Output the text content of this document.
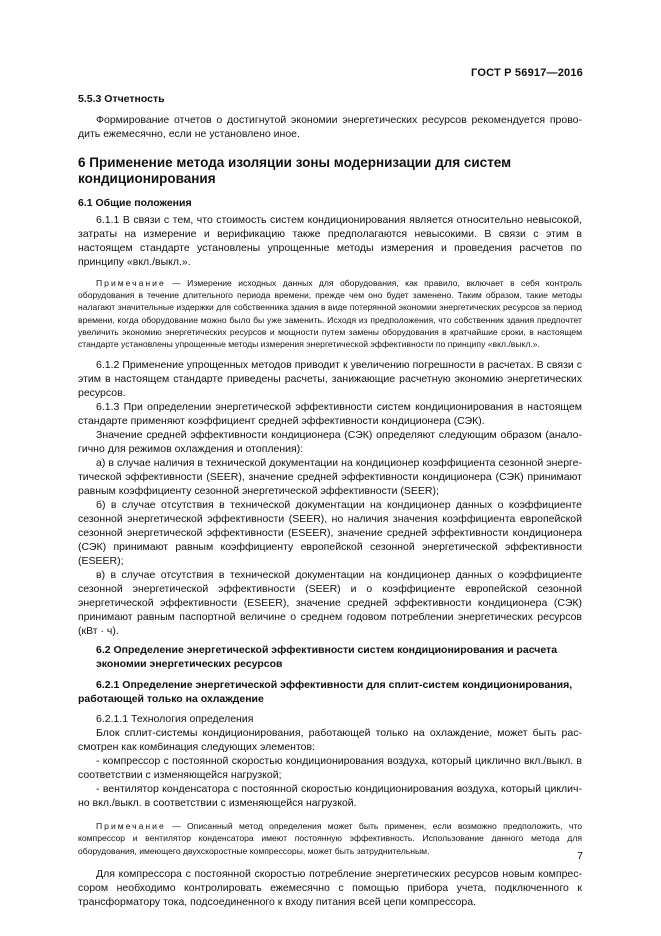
ГОСТ Р 56917—2016
5.5.3 Отчетность

Формирование отчетов о достигнутой экономии энергетических ресурсов рекомендуется проводить ежемесячно, если не установлено иное.

6 Применение метода изоляции зоны модернизации для систем кондиционирования
6.1 Общие положения

6.1.1 В связи с тем, что стоимость систем кондиционирования является относительно невысокой, затраты на измерение и верификацию также предполагаются невысокими. В связи с этим в настоящем стандарте установлены упрощенные методы измерения и проведения расчетов по принципу «вкл./выкл.».

Примечание — Измерение исходных данных для оборудования, как правило, включает в себя контроль оборудования в течение длительного периода времени, прежде чем оно будет заменено. Таким образом, такие методы налагают значительные издержки для собственника здания в виде потерянной экономии энергетических ресурсов за период времени, когда оборудование можно было бы уже заменить. Исходя из предположения, что собственник здания предпочтет увеличить экономию энергетических ресурсов и мощности путем замены оборудования в кратчайшие сроки, в настоящем стандарте установлены упрощенные методы измерения энергетической эффективности по принципу «вкл./выкл.».

6.1.2 Применение упрощенных методов приводит к увеличению погрешности в расчетах. В связи с этим в настоящем стандарте приведены расчеты, занижающие расчетную экономию энергетических ресурсов.

6.1.3 При определении энергетической эффективности систем кондиционирования в настоящем стандарте применяют коэффициент средней эффективности кондиционера (СЭК).

Значение средней эффективности кондиционера (СЭК) определяют следующим образом (аналогично для режимов охлаждения и отопления):

а) в случае наличия в технической документации на кондиционер коэффициента сезонной энергетической эффективности (SEER), значение средней эффективности кондиционера (СЭК) принимают равным коэффициенту сезонной энергетической эффективности (SEER);

б) в случае отсутствия в технической документации на кондиционер данных о коэффициенте сезонной энергетической эффективности (SEER), но наличия значения коэффициента европейской сезонной энергетической эффективности (ESEER), значение средней эффективности кондиционера (СЭК) принимают равным коэффициенту европейской сезонной энергетической эффективности (ESEER);

в) в случае отсутствия в технической документации на кондиционер данных о коэффициенте сезонной энергетической эффективности (SEER) и о коэффициенте европейской сезонной энергетической эффективности (ESEER), значение средней эффективности кондиционера (СЭК) принимают равным паспортной величине о среднем годовом потреблении энергетических ресурсов (кВт · ч).

6.2 Определение энергетической эффективности систем кондиционирования и расчета экономии энергетических ресурсов
6.2.1 Определение энергетической эффективности для сплит-систем кондиционирования, работающей только на охлаждение

6.2.1.1 Технология определения

Блок сплит-системы кондиционирования, работающей только на охлаждение, может быть рассмотрен как комбинация следующих элементов:

- компрессор с постоянной скоростью кондиционирования воздуха, который циклично вкл./выкл. в соответствии с изменяющейся нагрузкой;

- вентилятор конденсатора с постоянной скоростью кондиционирования воздуха, который циклично вкл./выкл. в соответствии с изменяющейся нагрузкой.

Примечание — Описанный метод определения может быть применен, если возможно предположить, что компрессор и вентилятор конденсатора имеют постоянную эффективность. Использование данного метода для оборудования, имеющего двухскоростные компрессоры, может быть затруднительным.

Для компрессора с постоянной скоростью потребление энергетических ресурсов новым компрессором необходимо контролировать ежемесячно с помощью прибора учета, подключенного к трансформатору тока, подсоединенного к входу питания всей цепи компрессора.

7
